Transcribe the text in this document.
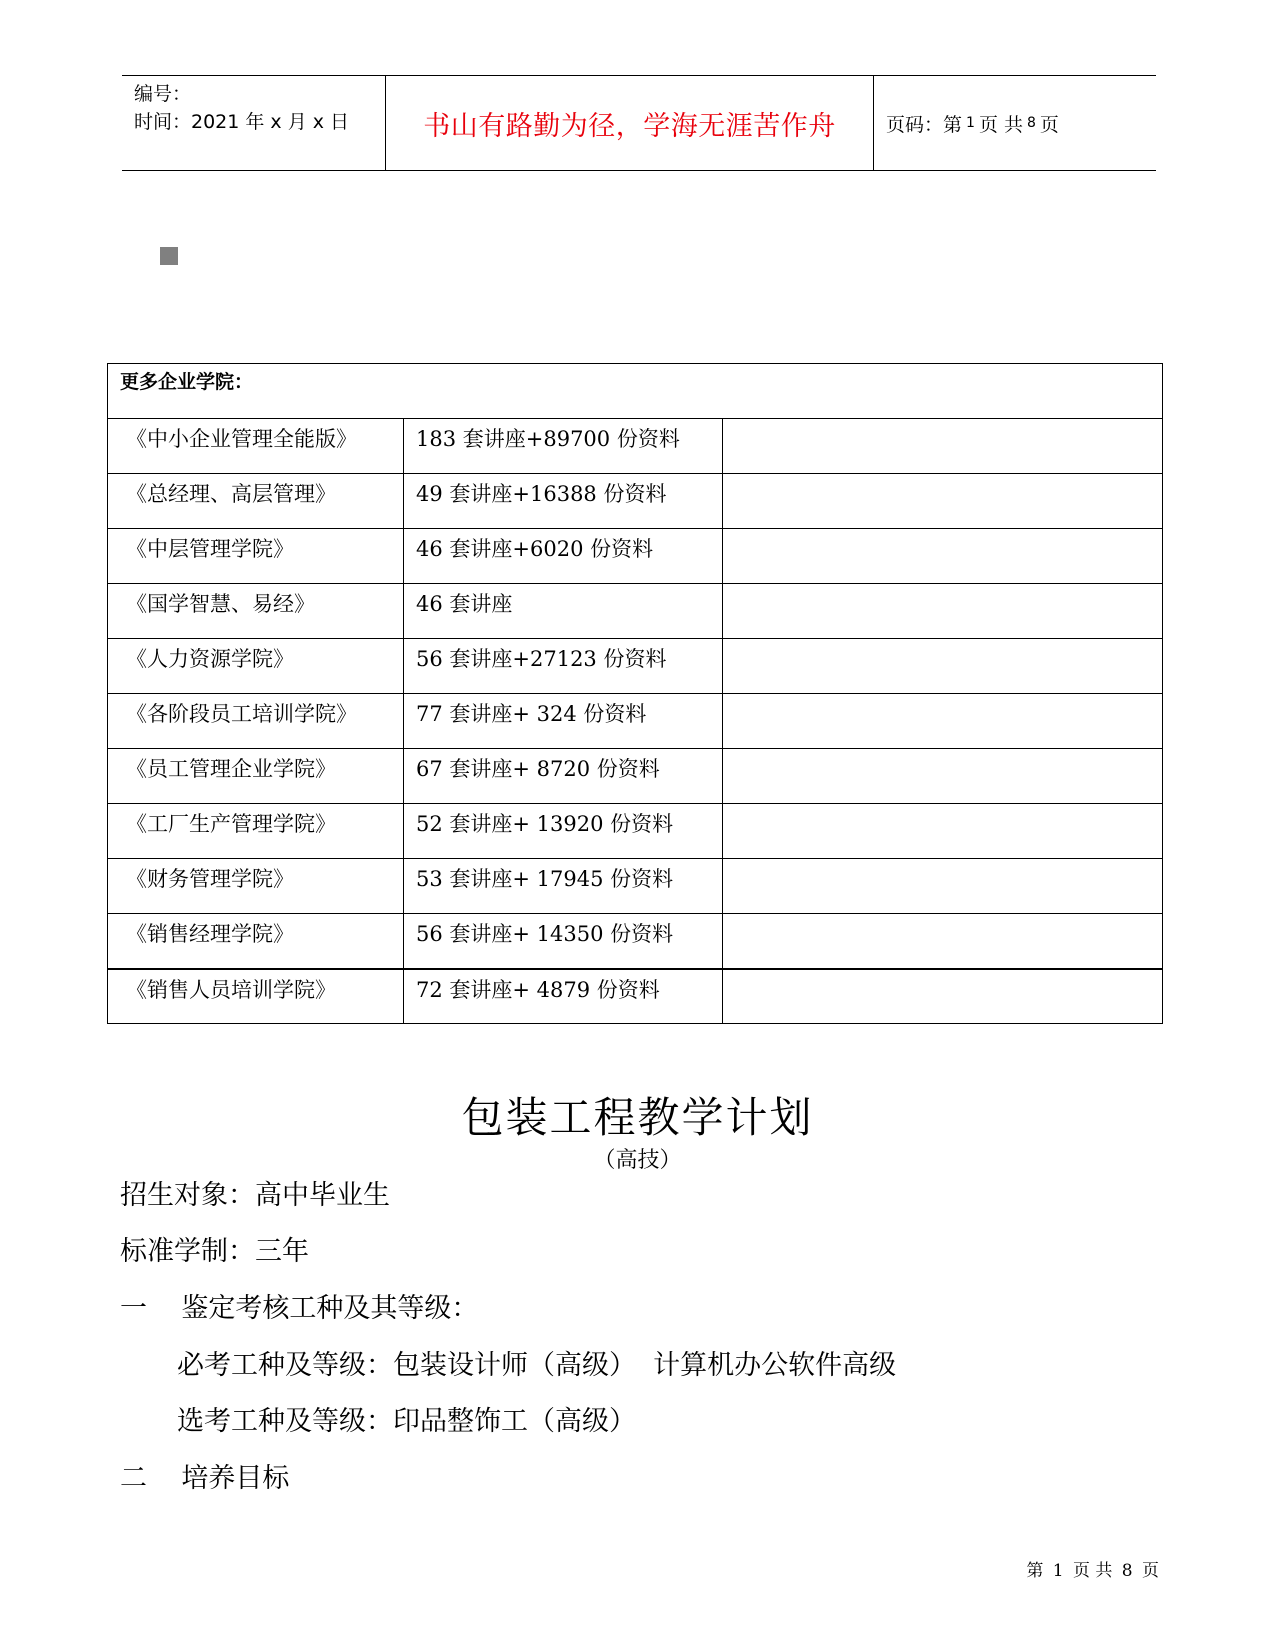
编号：
时间：2021 年 x 月 x 日	书山有路勤为径，学海无涯苦作舟	页码：第 1 页 共 8 页
更多企业学院：		
《中小企业管理全能版》	183 套讲座+89700 份资料	
《总经理、高层管理》	49 套讲座+16388 份资料	
《中层管理学院》	46 套讲座+6020 份资料	
《国学智慧、易经》	46 套讲座	
《人力资源学院》	56 套讲座+27123 份资料	
《各阶段员工培训学院》	77 套讲座+ 324 份资料	
《员工管理企业学院》	67 套讲座+ 8720 份资料	
《工厂生产管理学院》	52 套讲座+ 13920 份资料	
《财务管理学院》	53 套讲座+ 17945 份资料	
《销售经理学院》	56 套讲座+ 14350 份资料	
《销售人员培训学院》	72 套讲座+ 4879 份资料	
包装工程教学计划
（高技）
招生对象：高中毕业生
标准学制：三年
一    鉴定考核工种及其等级：
必考工种及等级：包装设计师（高级）  计算机办公软件高级
选考工种及等级：印品整饰工（高级）
二    培养目标
第 1 页 共 8 页
